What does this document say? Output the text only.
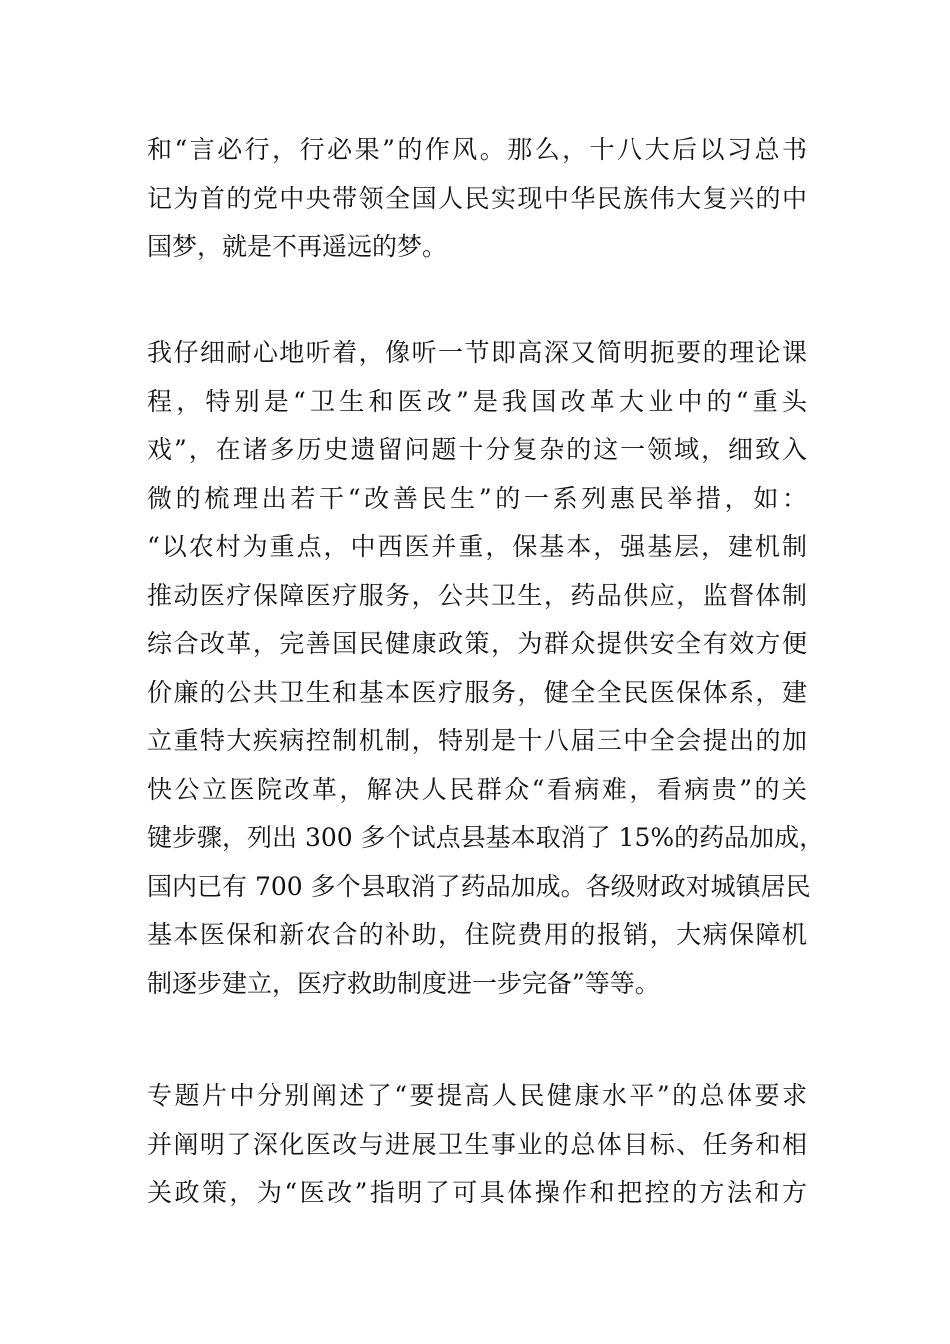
和“言必行，行必果”的作风。那么，十八大后以习总书
记为首的党中央带领全国人民实现中华民族伟大复兴的中
国梦，就是不再遥远的梦。
我仔细耐心地听着，像听一节即高深又简明扼要的理论课
程，特别是“卫生和医改”是我国改革大业中的“重头
戏”，在诸多历史遗留问题十分复杂的这一领域，细致入
微的梳理出若干“改善民生”的一系列惠民举措，如：
“以农村为重点，中西医并重，保基本，强基层，建机制
推动医疗保障医疗服务，公共卫生，药品供应，监督体制
综合改革，完善国民健康政策，为群众提供安全有效方便
价廉的公共卫生和基本医疗服务，健全全民医保体系，建
立重特大疾病控制机制，特别是十八届三中全会提出的加
快公立医院改革，解决人民群众“看病难，看病贵”的关
键步骤，列出 300 多个试点县基本取消了 15%的药品加成，
国内已有 700 多个县取消了药品加成。各级财政对城镇居民
基本医保和新农合的补助，住院费用的报销，大病保障机
制逐步建立，医疗救助制度进一步完备”等等。
专题片中分别阐述了“要提高人民健康水平”的总体要求
并阐明了深化医改与进展卫生事业的总体目标、任务和相
关政策，为“医改”指明了可具体操作和把控的方法和方
